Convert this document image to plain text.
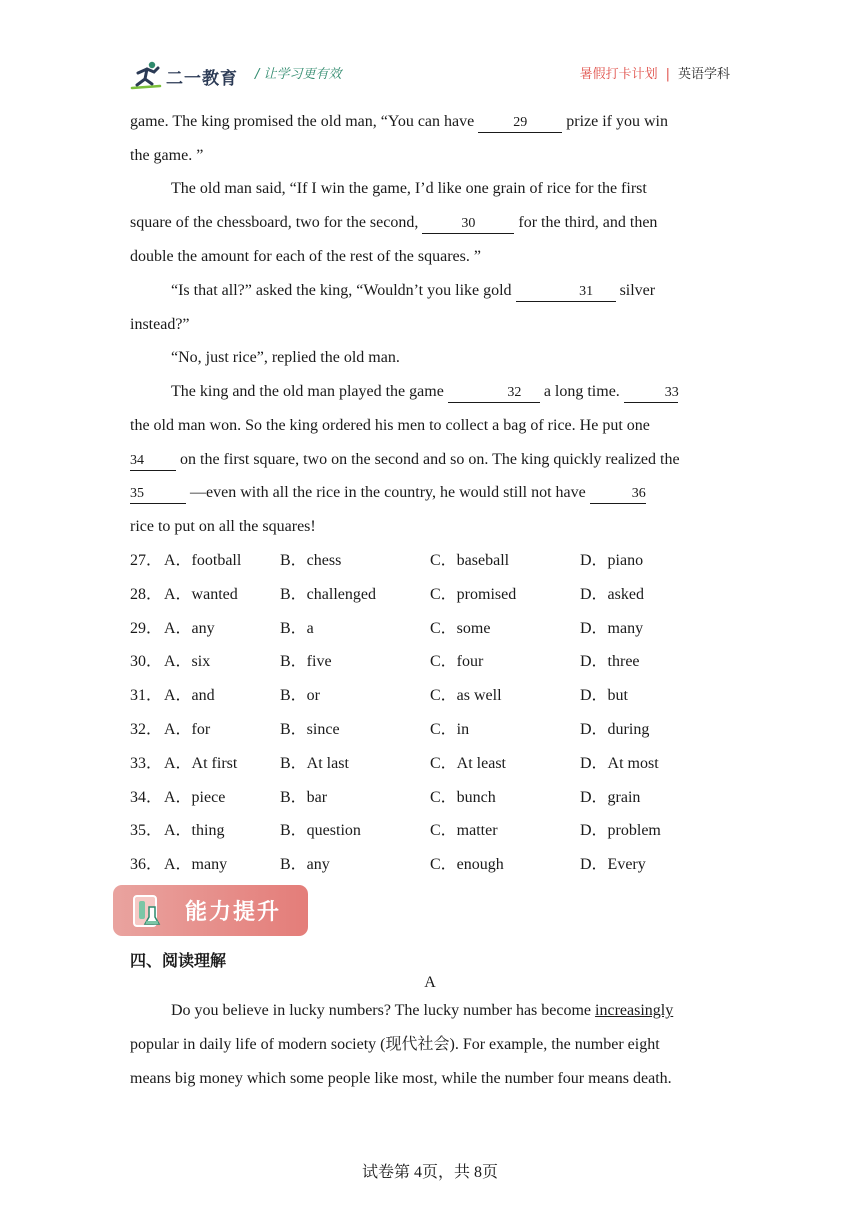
二一教育 / 让学习更有效	暑假打卡计划 | 英语学科
game. The king promised the old man, “You can have	29 prize if you win
the game. ”
The old man said, “If I win the game, I’d like one grain of rice for the first
square of the chessboard, two for the second,	30 for the third, and then
double the amount for each of the rest of the squares. ”
“Is that all?” asked the king, “Wouldn’t you like gold	31 silver
instead?”
“No, just rice”, replied the old man.
The king and the old man played the game	32 a long time.	33
the old man won. So the king ordered his men to collect a bag of rice. He put one
34 on the first square, two on the second and so on. The king quickly realized the
35	—even with all the rice in the country, he would still not have	36
rice to put on all the squares!
27． A．football B．chess	C．baseball	D．piano
28． A．wanted	B．challenged	C．promised	D．asked
29． A．any	B．a	C．some	D．many
30． A．six	B．five	C．four	D．three
31． A．and	B．or	C．as well	D．but
32． A．for	B．since	C．in	D．during
33． A．At first	B．At last	C．At least	D．At most
34． A．piece	B．bar	C．bunch	D．grain
35． A．thing	B．question	C．matter	D．problem
36． A．many	B．any	C．enough	D．Every
能力提升
四、阅读理解
A
Do you believe in lucky numbers? The lucky number has become increasingly
popular in daily life of modern society (现代社会). For example, the number eight
means big money which some people like most, while the number four means death.
试卷第 4页，共 8页
